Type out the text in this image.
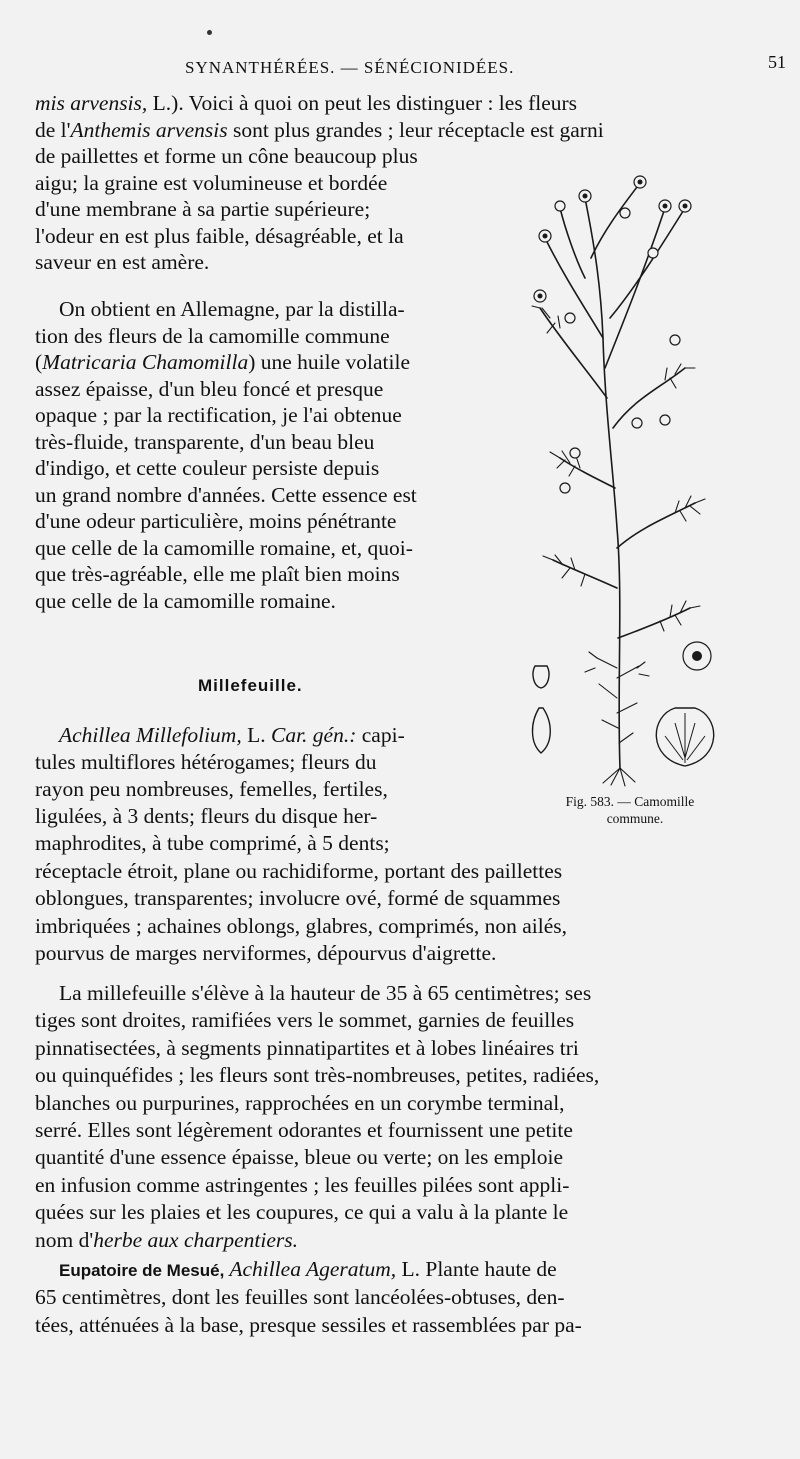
SYNANTHÉRÉES. — SÉNÉCIONIDÉES.	51
mis arvensis, L.). Voici à quoi on peut les distinguer : les fleurs
de l'Anthemis arvensis sont plus grandes ; leur réceptacle est garni
de paillettes et forme un cône beaucoup plus
aigu; la graine est volumineuse et bordée
d'une membrane à sa partie supérieure;
l'odeur en est plus faible, désagréable, et la
saveur en est amère.
On obtient en Allemagne, par la distilla-
tion des fleurs de la camomille commune
(Matricaria Chamomilla) une huile volatile
assez épaisse, d'un bleu foncé et presque
opaque ; par la rectification, je l'ai obtenue
très-fluide, transparente, d'un beau bleu
d'indigo, et cette couleur persiste depuis
un grand nombre d'années. Cette essence est
d'une odeur particulière, moins pénétrante
que celle de la camomille romaine, et, quoi-
que très-agréable, elle me plaît bien moins
que celle de la camomille romaine.
Millefeuille.
Achillea Millefolium, L. Car. gén.: capi-
tules multiflores hétérogames; fleurs du
rayon peu nombreuses, femelles, fertiles,
ligulées, à 3 dents; fleurs du disque her-
maphrodites, à tube comprimé, à 5 dents;
réceptacle étroit, plane ou rachidiforme, portant des paillettes
oblongues, transparentes; involucre ové, formé de squammes
imbriquées ; achaines oblongs, glabres, comprimés, non ailés,
pourvus de marges nerviformes, dépourvus d'aigrette.
La millefeuille s'élève à la hauteur de 35 à 65 centimètres; ses
tiges sont droites, ramifiées vers le sommet, garnies de feuilles
pinnatisectées, à segments pinnatipartites et à lobes linéaires tri
ou quinquéfides ; les fleurs sont très-nombreuses, petites, radiées,
blanches ou purpurines, rapprochées en un corymbe terminal,
serré. Elles sont légèrement odorantes et fournissent une petite
quantité d'une essence épaisse, bleue ou verte; on les emploie
en infusion comme astringentes ; les feuilles pilées sont appli-
quées sur les plaies et les coupures, ce qui a valu à la plante le
nom d'herbe aux charpentiers.
Eupatoire de Mesué, Achillea Ageratum, L. Plante haute de
65 centimètres, dont les feuilles sont lancéolées-obtuses, den-
tées, atténuées à la base, presque sessiles et rassemblées par pa-
Fig. 583. — Camomille
commune.
